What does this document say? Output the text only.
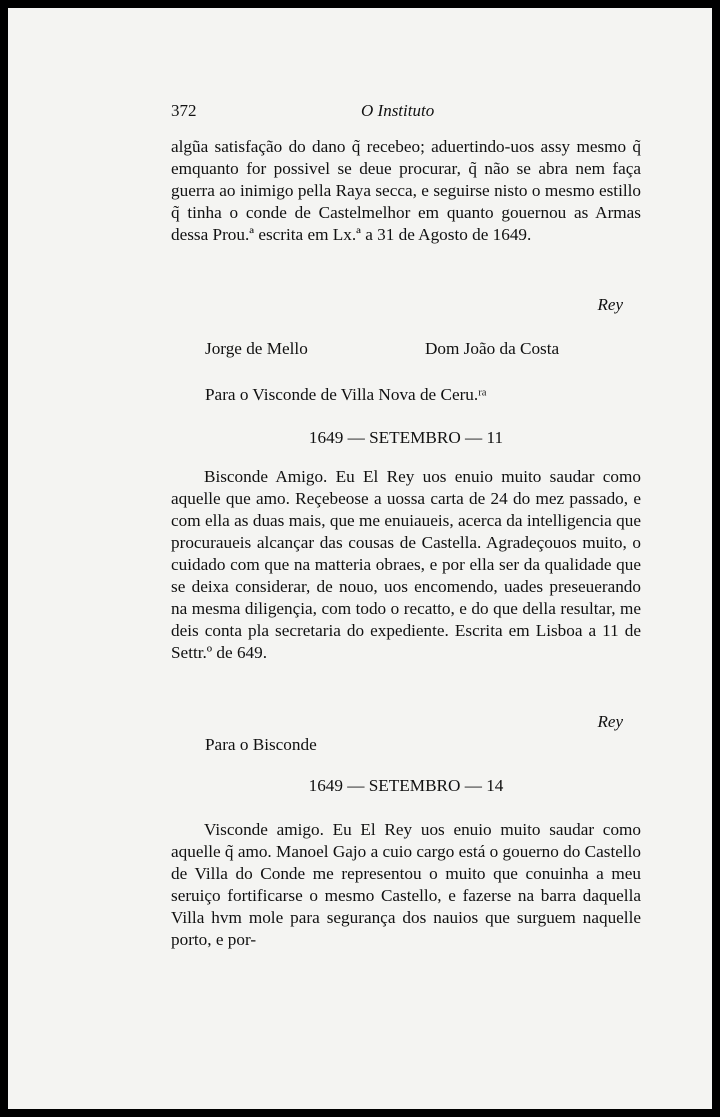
372	O Instituto

algũa satisfação do dano q̃ recebeo; aduertindo-uos assy mesmo q̃ emquanto for possivel se deue procurar, q̃ não se abra nem faça guerra ao inimigo pella Raya secca, e seguirse nisto o mesmo estillo q̃ tinha o conde de Castelmelhor em quanto gouernou as Armas dessa Prou.ª escrita em Lx.ª a 31 de Agosto de 1649.

Rey
Jorge de Mello	Dom João da Costa
Para o Visconde de Villa Nova de Ceru.ʳᵃ
1649 — SETEMBRO — 11

Bisconde Amigo. Eu El Rey uos enuio muito saudar como aquelle que amo. Reçebeose a uossa carta de 24 do mez passado, e com ella as duas mais, que me enuiaueis, acerca da intelligencia que procuraueis alcançar das cousas de Castella. Agradeçouos muito, o cuidado com que na matteria obraes, e por ella ser da qualidade que se deixa considerar, de nouo, uos encomendo, uades preseuerando na mesma diligençia, com todo o recatto, e do que della resultar, me deis conta pla secretaria do expediente. Escrita em Lisboa a 11 de Settr.º de 649.

Rey
Para o Bisconde
1649 — SETEMBRO — 14

Visconde amigo. Eu El Rey uos enuio muito saudar como aquelle q̃ amo. Manoel Gajo a cuio cargo está o gouerno do Castello de Villa do Conde me representou o muito que conuinha a meu seruiço fortificarse o mesmo Castello, e fazerse na barra daquella Villa hvm mole para segurança dos nauios que surguem naquelle porto, e por-
